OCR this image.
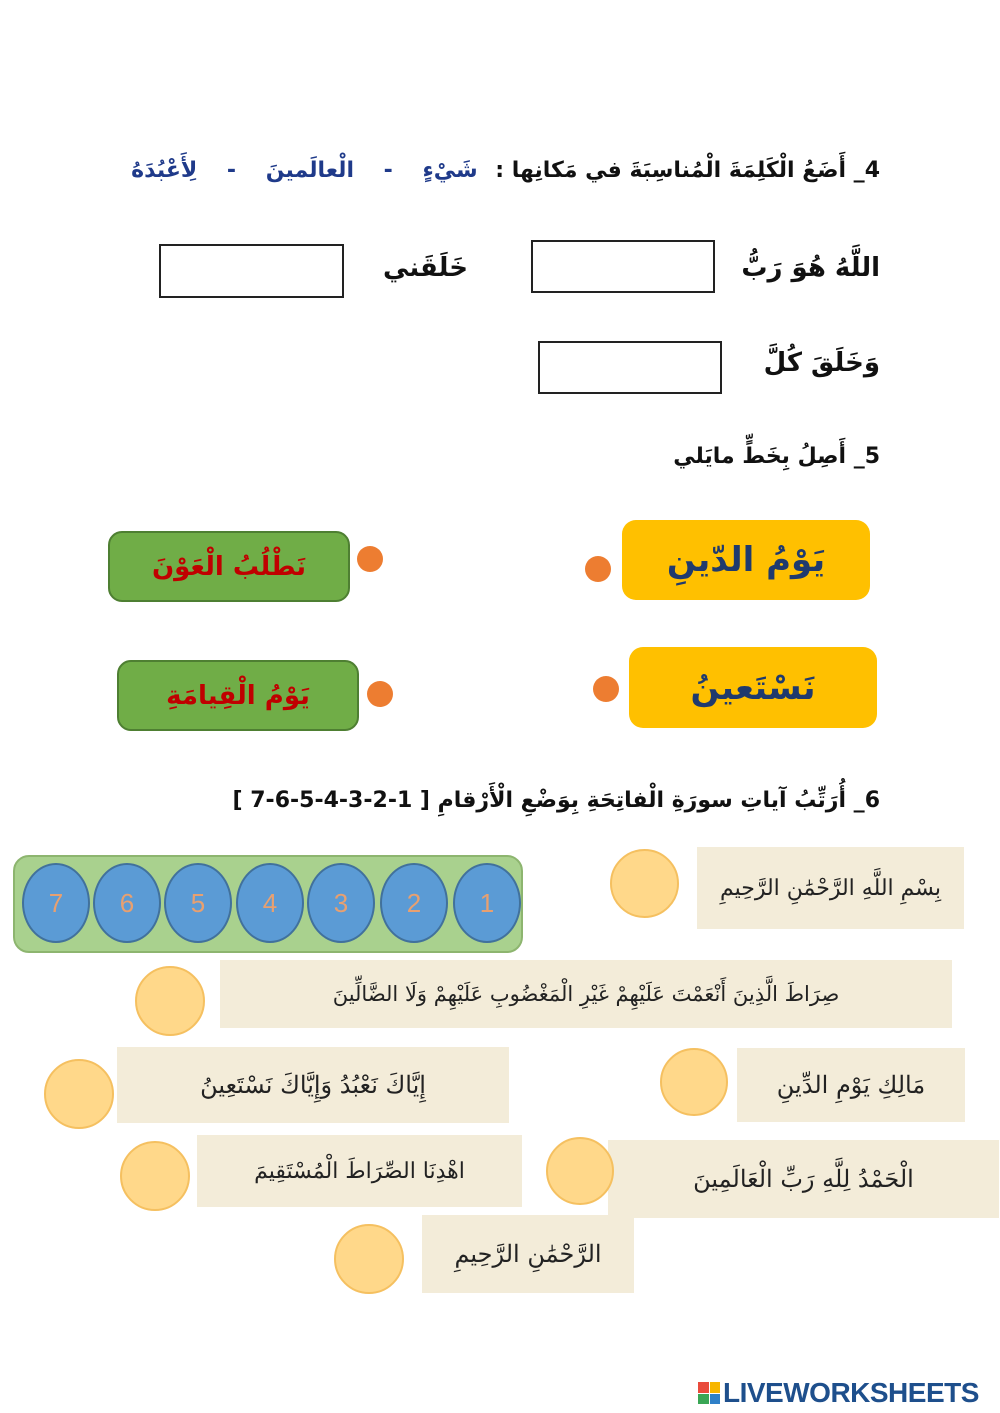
4_ أَضَعُ الْكَلِمَةَ الْمُناسِبَةَ في مَكانِها : شَيْءٍ - الْعالَمينَ - لِأَعْبُدَهُ
اللَّهُ هُوَ رَبُّ
خَلَقَني
وَخَلَقَ كُلَّ
5_ أَصِلُ بِخَطٍّ مايَلي
يَوْمُ الدّينِ
نَطْلُبُ الْعَوْنَ
نَسْتَعينُ
يَوْمُ الْقِيامَةِ
6_ أُرَتِّبُ آياتِ سورَةِ الْفاتِحَةِ بِوَضْعِ الْأَرْقامِ [ 1-2-3-4-5-6-7 ]
7	6	5	4	3	2	1	بِسْمِ اللَّهِ الرَّحْمَٰنِ الرَّحِيمِ
صِرَاطَ الَّذِينَ أَنْعَمْتَ عَلَيْهِمْ غَيْرِ الْمَغْضُوبِ عَلَيْهِمْ وَلَا الضَّالِّينَ
إِيَّاكَ نَعْبُدُ وَإِيَّاكَ نَسْتَعِينُ	مَالِكِ يَوْمِ الدِّينِ
اهْدِنَا الصِّرَاطَ الْمُسْتَقِيمَ	الْحَمْدُ لِلَّهِ رَبِّ الْعَالَمِينَ
الرَّحْمَٰنِ الرَّحِيمِ
LIVEWORKSHEETS
